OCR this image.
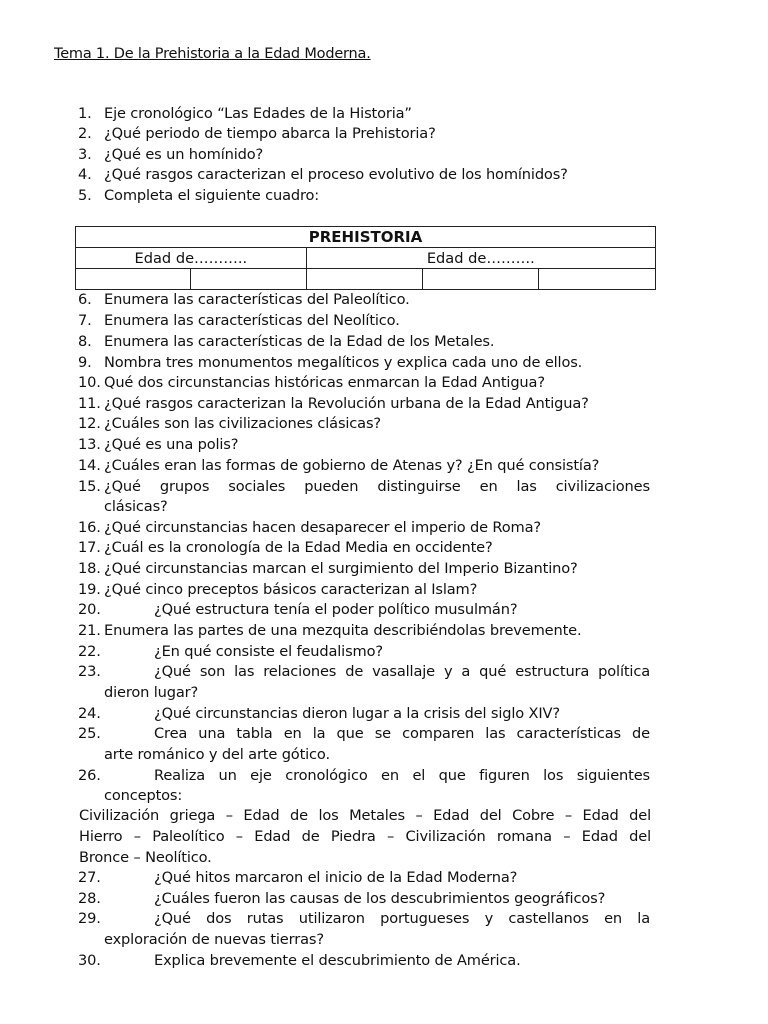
Tema 1. De la Prehistoria a la Edad Moderna.
1. Eje cronológico “Las Edades de la Historia”
2. ¿Qué periodo de tiempo abarca la Prehistoria?
3. ¿Qué es un homínido?
4. ¿Qué rasgos caracterizan el proceso evolutivo de los homínidos?
5. Completa el siguiente cuadro:
PREHISTORIA				
Edad de………..		Edad de……….		

6. Enumera las características del Paleolítico.
7. Enumera las características del Neolítico.
8. Enumera las características de la Edad de los Metales.
9. Nombra tres monumentos megalíticos y explica cada uno de ellos.
10. Qué dos circunstancias históricas enmarcan la Edad Antigua?
11. ¿Qué rasgos caracterizan la Revolución urbana de la Edad Antigua?
12. ¿Cuáles son las civilizaciones clásicas?
13. ¿Qué es una polis?
14. ¿Cuáles eran las formas de gobierno de Atenas y? ¿En qué consistía?
15. ¿Qué grupos sociales pueden distinguirse en las civilizaciones
clásicas?
16. ¿Qué circunstancias hacen desaparecer el imperio de Roma?
17. ¿Cuál es la cronología de la Edad Media en occidente?
18. ¿Qué circunstancias marcan el surgimiento del Imperio Bizantino?
19. ¿Qué cinco preceptos básicos caracterizan al Islam?
20.	¿Qué estructura tenía el poder político musulmán?
21. Enumera las partes de una mezquita describiéndolas brevemente.
22.	¿En qué consiste el feudalismo?
23.	¿Qué son las relaciones de vasallaje y a qué estructura política
dieron lugar?
24.	¿Qué circunstancias dieron lugar a la crisis del siglo XIV?
25.	Crea una tabla en la que se comparen las características de
arte románico y del arte gótico.
26.	Realiza un eje cronológico en el que figuren los siguientes
conceptos:
Civilización griega – Edad de los Metales – Edad del Cobre – Edad del
Hierro – Paleolítico – Edad de Piedra – Civilización romana – Edad del
Bronce – Neolítico.
27.	¿Qué hitos marcaron el inicio de la Edad Moderna?
28.	¿Cuáles fueron las causas de los descubrimientos geográficos?
29.	¿Qué dos rutas utilizaron portugueses y castellanos en la
exploración de nuevas tierras?
30.	Explica brevemente el descubrimiento de América.
